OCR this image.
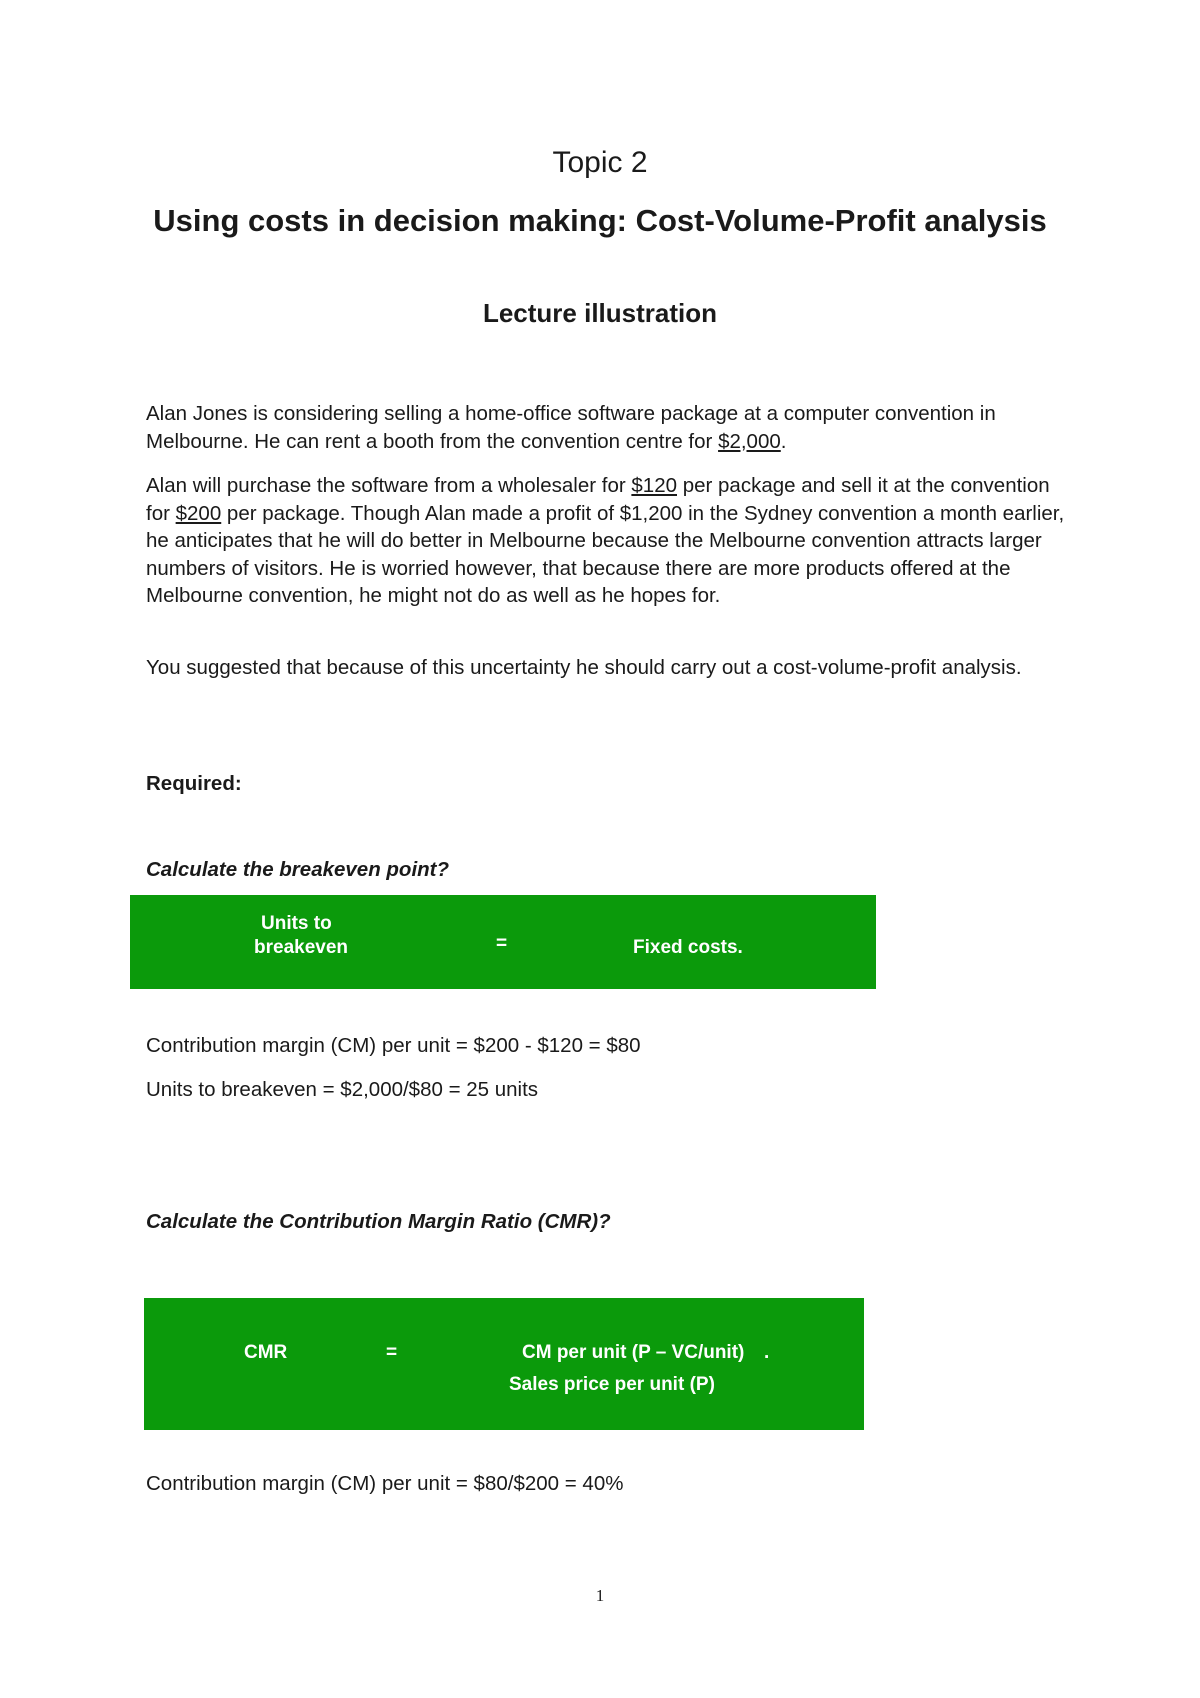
Topic 2
Using costs in decision making: Cost-Volume-Profit analysis
Lecture illustration

Alan Jones is considering selling a home-office software package at a computer convention in Melbourne. He can rent a booth from the convention centre for $2,000.

Alan will purchase the software from a wholesaler for $120 per package and sell it at the convention for $200 per package. Though Alan made a profit of $1,200 in the Sydney convention a month earlier, he anticipates that he will do better in Melbourne because the Melbourne convention attracts larger numbers of visitors. He is worried however, that because there are more products offered at the Melbourne convention, he might not do as well as he hopes for.

You suggested that because of this uncertainty he should carry out a cost-volume-profit analysis.

Required:
Calculate the breakeven point?
Units to
breakeven	=	Fixed costs.
Contribution margin (CM) per unit = $200 - $120 = $80
Units to breakeven = $2,000/$80 = 25 units
Calculate the Contribution Margin Ratio (CMR)?
CMR	=	CM per unit (P – VC/unit) .
Sales price per unit (P)
Contribution margin (CM) per unit = $80/$200 = 40%
1
